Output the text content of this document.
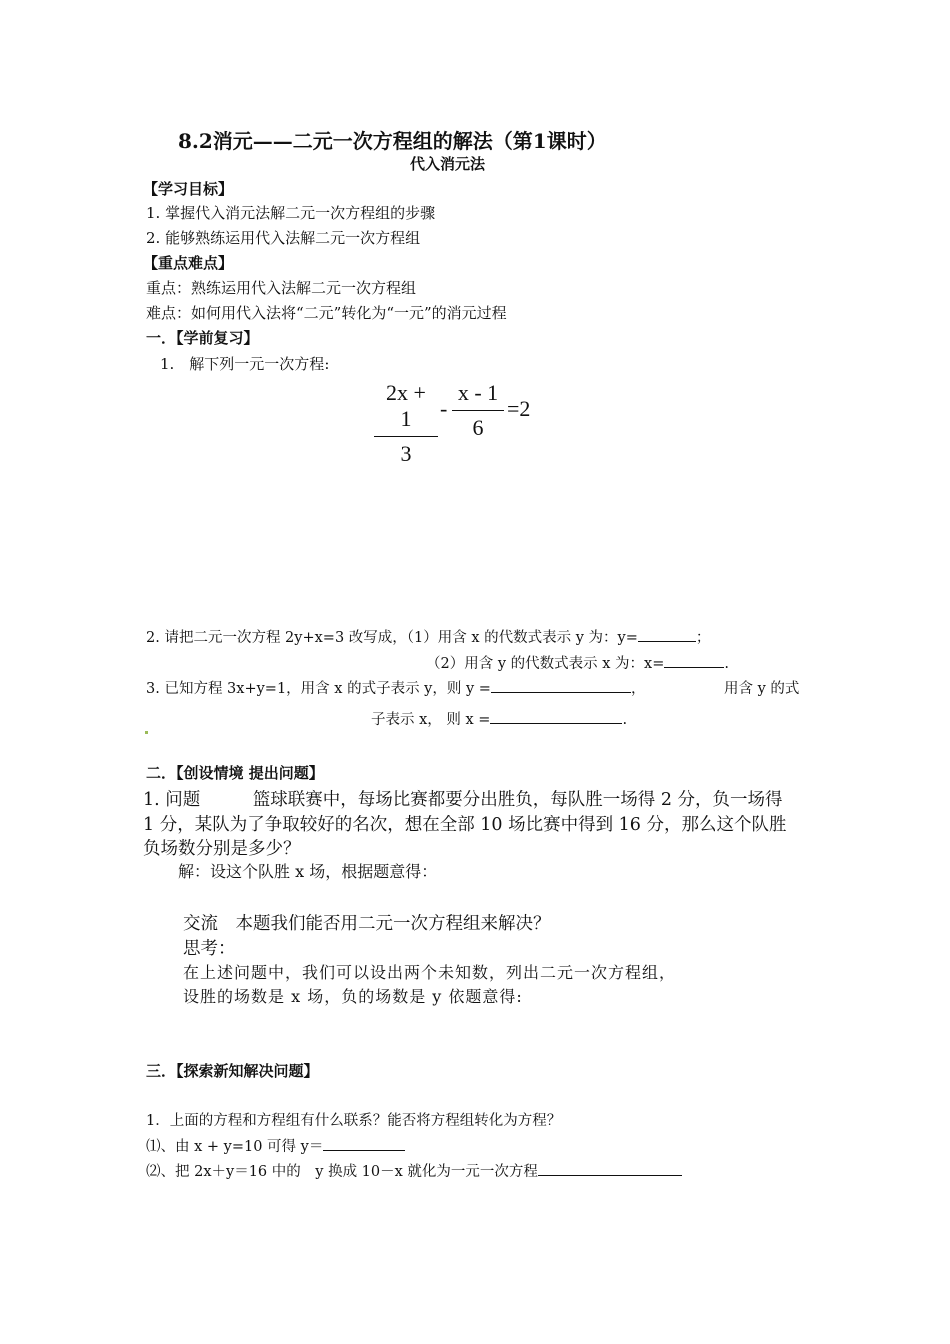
8.2消元——二元一次方程组的解法（第1课时）
代入消元法
【学习目标】
1. 掌握代入消元法解二元一次方程组的步骤
2. 能够熟练运用代入法解二元一次方程组
【重点难点】
重点：熟练运用代入法解二元一次方程组
难点：如何用代入法将“二元”转化为“一元”的消元过程
一．【学前复习】
1.　解下列一元一次方程:
$\frac{2x + 1}{3} - \frac{x - 1}{6} =2$
2. 请把二元一次方程 2y+x=3 改写成，（1）用含 x 的代数式表示 y 为：y=	；
（2）用含 y 的代数式表示 x 为：x=	.
3. 已知方程 3x+y=1，用含 x 的式子表示 y，则 y =	，	用含 y 的式
子表示 x， 则 x =	.
二．【创设情境 提出问题】
1. 问题　　　篮球联赛中，每场比赛都要分出胜负，每队胜一场得 2 分，负一场得
1 分，某队为了争取较好的名次，想在全部 10 场比赛中得到 16 分，那么这个队胜
负场数分别是多少？
解：设这个队胜 x 场，根据题意得：
交流　本题我们能否用二元一次方程组来解决？
思考：
在上述问题中，我们可以设出两个未知数，列出二元一次方程组，
设胜的场数是 x 场，负的场数是 y 依题意得:
三．【探索新知解决问题】
1．上面的方程和方程组有什么联系？能否将方程组转化为方程？
⑴、由 x + y=10 可得 y＝
⑵、把 2x＋y＝16 中的　y 换成 10－x 就化为一元一次方程
